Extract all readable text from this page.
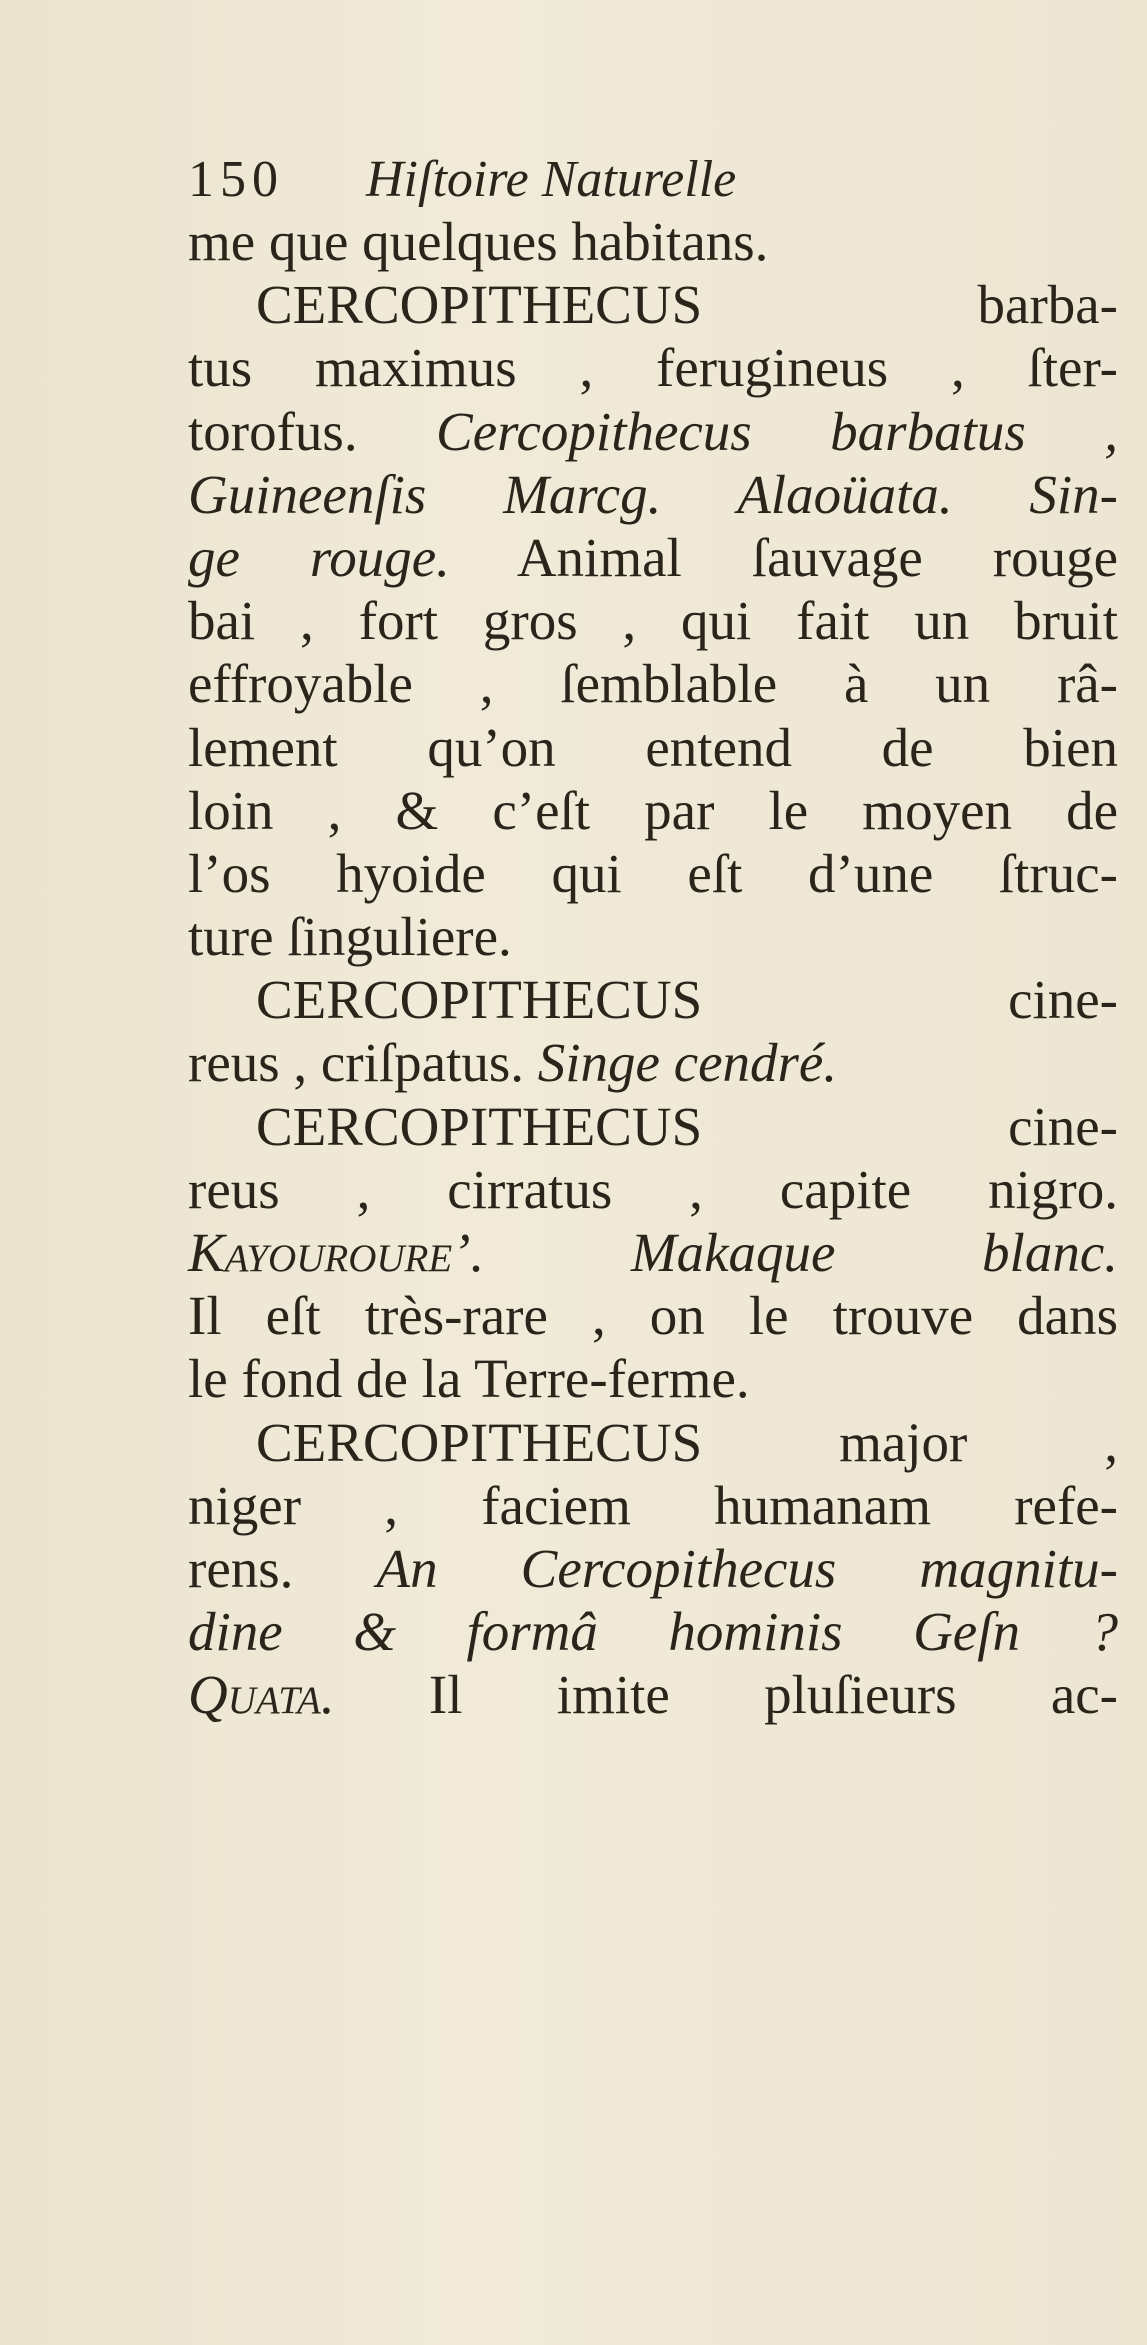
150 Hiſtoire Naturelle
me que quelques habitans.
CERCOPITHECUS barba-
tus maximus , ferugineus , ſter-
torofus. Cercopithecus barbatus ,
Guineenſis Marcg. Alaoüata. Sin-
ge rouge. Animal ſauvage rouge
bai , fort gros , qui fait un bruit
effroyable , ſemblable à un râ-
lement qu’on entend de bien
loin , & c’eſt par le moyen de
l’os hyoide qui eſt d’une ſtruc-
ture ſinguliere.
CERCOPITHECUS cine-
reus , criſpatus. Singe cendré.
CERCOPITHECUS cine-
reus , cirratus , capite nigro.
Kayouroure’. Makaque blanc.
Il eſt très-rare , on le trouve dans
le fond de la Terre-ferme.
CERCOPITHECUS major ,
niger , faciem humanam refe-
rens. An Cercopithecus magnitu-
dine & formâ hominis Geſn ?
Quata. Il imite pluſieurs ac-
